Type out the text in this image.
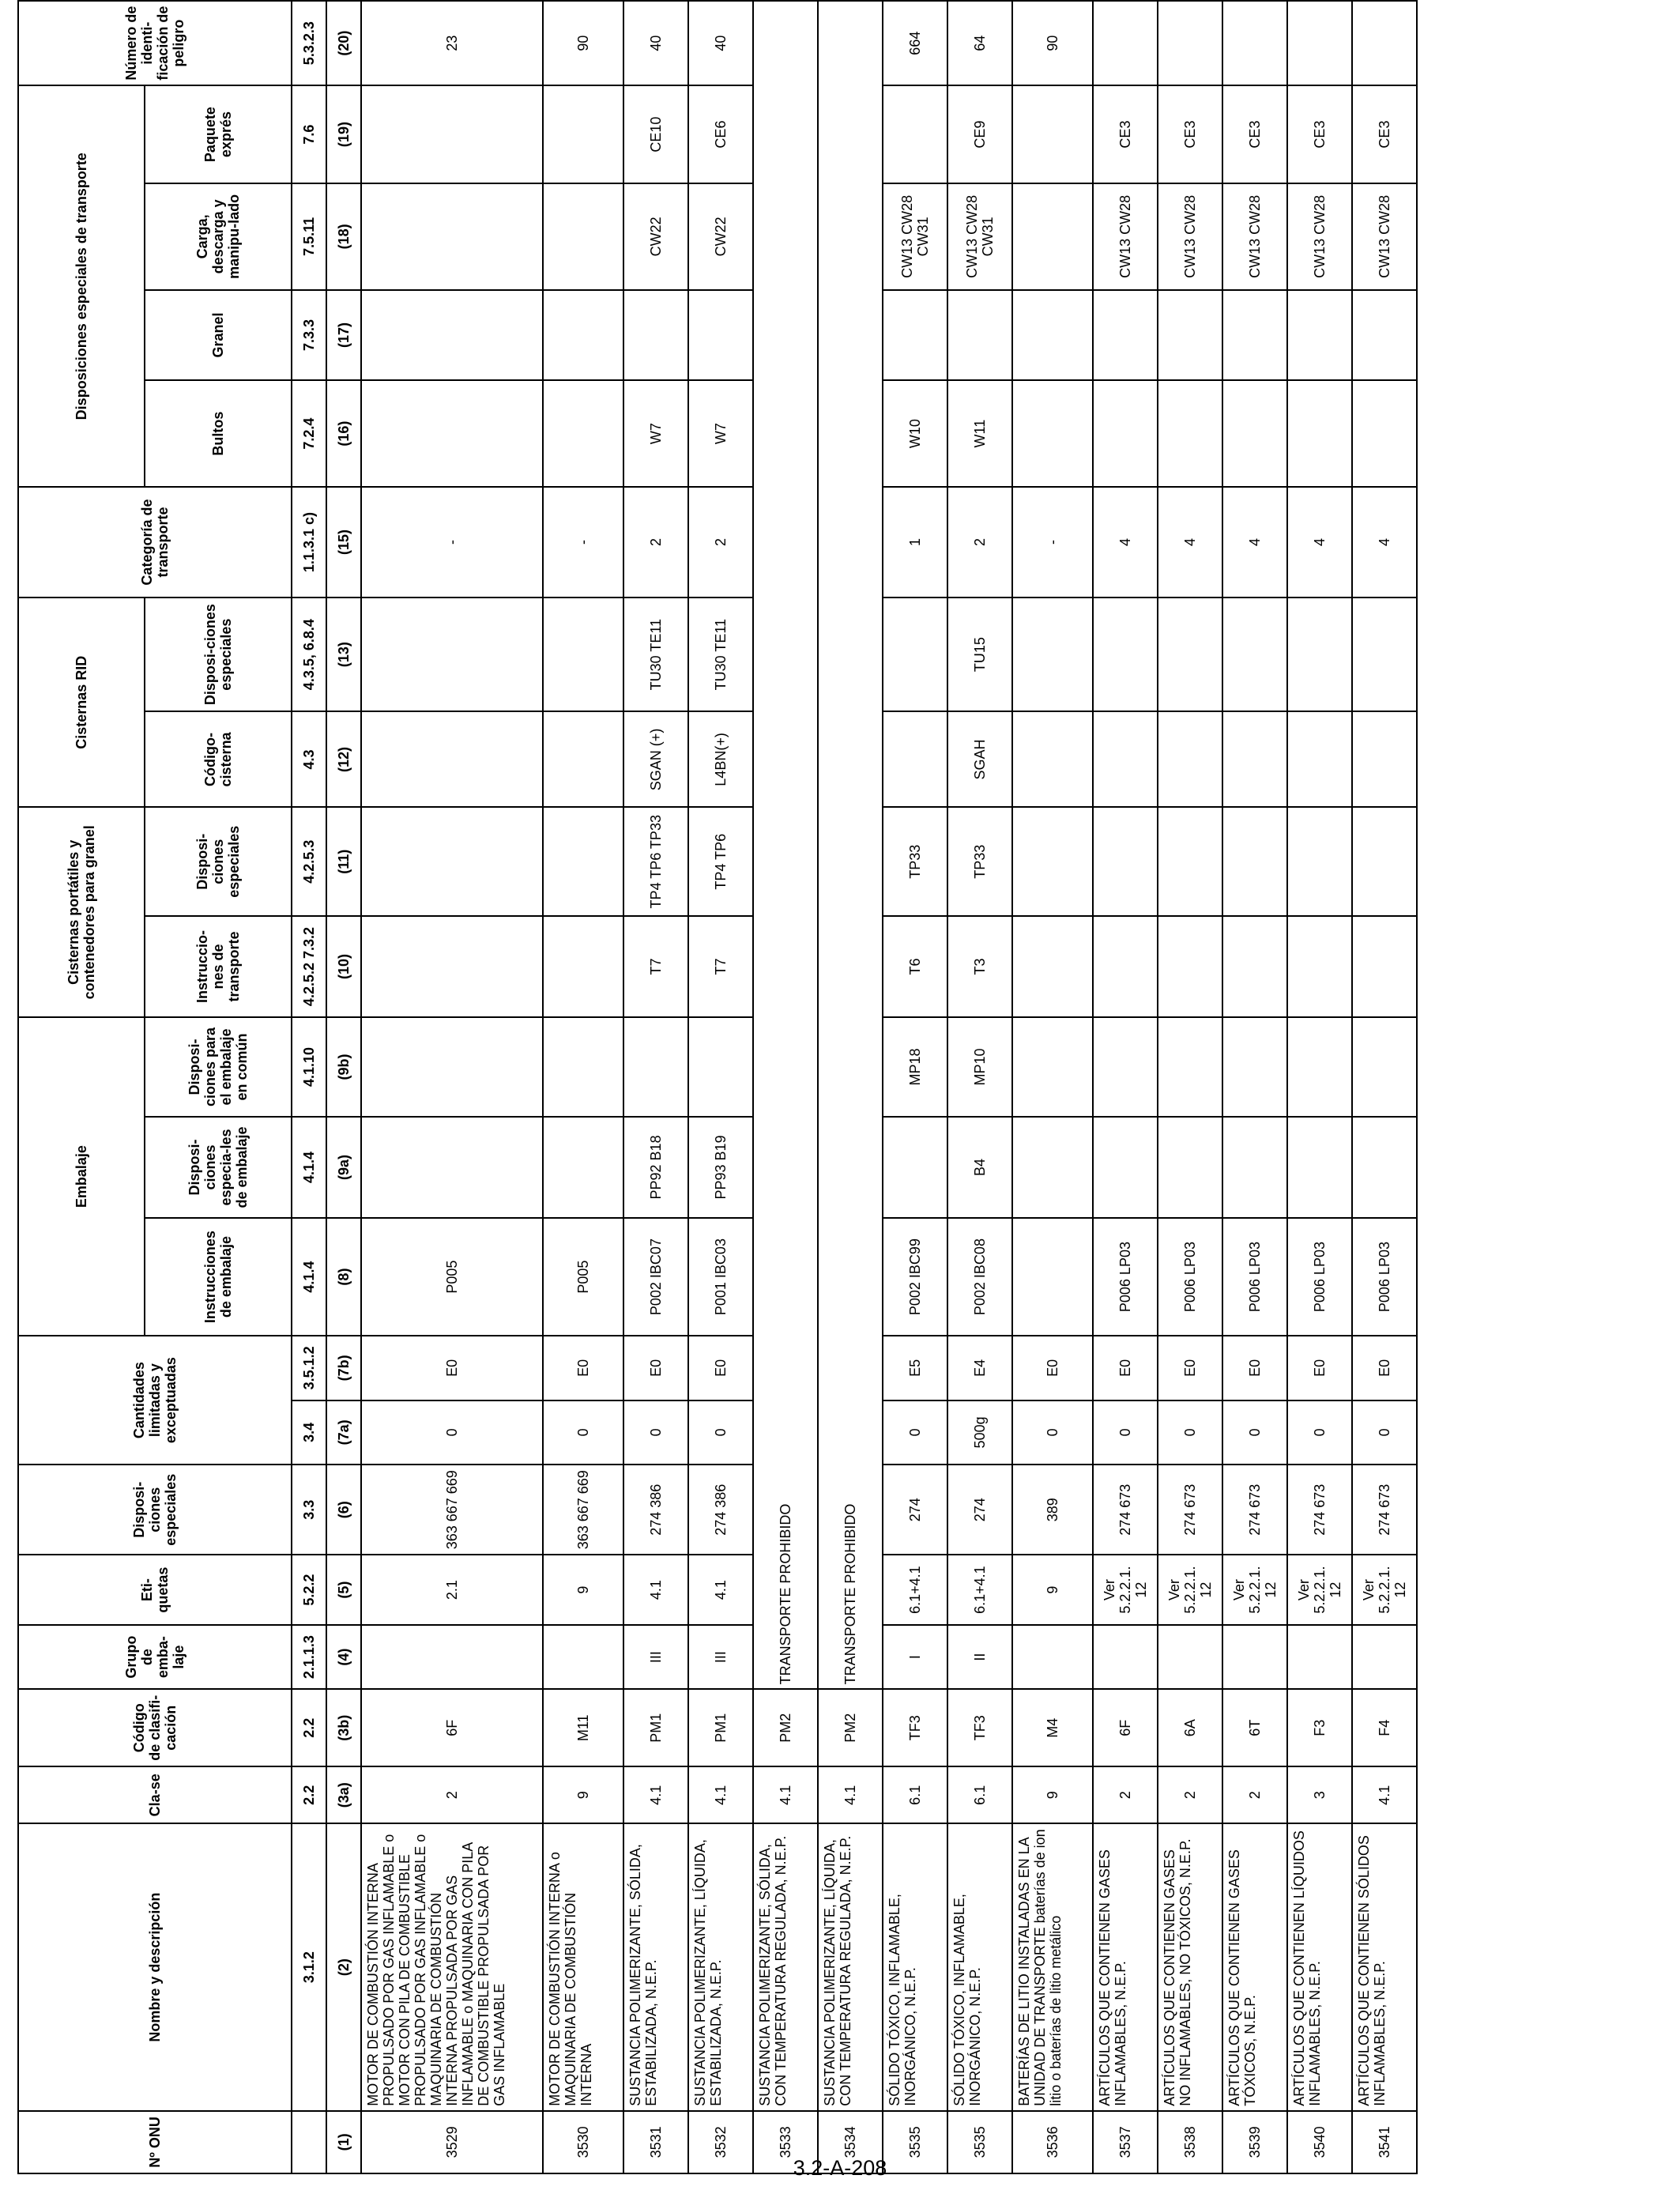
Nº ONU	Nombre y descripción	Cla-se	Código de clasifi-cación	Grupo de emba-laje	Eti-quetas	Disposi-ciones especiales	Cantidades limitadas y exceptuadas		Embalaje			Cisternas portátiles y contenedores para granel		Cisternas RID		Categoría de transporte	Disposiciones especiales de transporte				Número de identi-ficación de peligro
									Instrucciones de embalaje	Disposi-ciones especia-les de embalaje	Disposi-ciones para el embalaje en común	Instruccio-nes de transporte	Disposi-ciones especiales	Código-cisterna	Disposi-ciones especiales		Bultos	Granel	Carga, descarga y manipu-lado	Paquete exprés	
	3.1.2	2.2	2.2	2.1.1.3	5.2.2	3.3	3.4	3.5.1.2	4.1.4	4.1.4	4.1.10	4.2.5.2 7.3.2	4.2.5.3	4.3	4.3.5, 6.8.4	1.1.3.1 c)	7.2.4	7.3.3	7.5.11	7.6	5.3.2.3
(1)	(2)	(3a)	(3b)	(4)	(5)	(6)	(7a)	(7b)	(8)	(9a)	(9b)	(10)	(11)	(12)	(13)	(15)	(16)	(17)	(18)	(19)	(20)
3529	MOTOR DE COMBUSTIÓN INTERNA PROPULSADO POR GAS INFLAMABLE o MOTOR CON PILA DE COMBUSTIBLE PROPULSADO POR GAS INFLAMABLE o MAQUINARIA DE COMBUSTIÓN INTERNA PROPULSADA POR GAS INFLAMABLE o MAQUINARIA CON PILA DE COMBUSTIBLE PROPULSADA POR GAS INFLAMABLE	2	6F		2.1	363 667 669	0	E0	P005							-					23
3530	MOTOR DE COMBUSTIÓN INTERNA o MAQUINARIA DE COMBUSTIÓN INTERNA	9	M11		9	363 667 669	0	E0	P005							-					90
3531	SUSTANCIA POLIMERIZANTE, SÓLIDA, ESTABILIZADA, N.E.P.	4.1	PM1	III	4.1	274 386	0	E0	P002 IBC07	PP92 B18		T7	TP4 TP6 TP33	SGAN (+)	TU30 TE11	2	W7		CW22	CE10	40
3532	SUSTANCIA POLIMERIZANTE, LÍQUIDA, ESTABILIZADA, N.E.P.	4.1	PM1	III	4.1	274 386	0	E0	P001 IBC03	PP93 B19		T7	TP4 TP6	L4BN(+)	TU30 TE11	2	W7		CW22	CE6	40
3533	SUSTANCIA POLIMERIZANTE, SÓLIDA, CON TEMPERATURA REGULADA, N.E.P.	4.1	PM2	TRANSPORTE PROHIBIDO																	
3534	SUSTANCIA POLIMERIZANTE, LÍQUIDA, CON TEMPERATURA REGULADA, N.E.P.	4.1	PM2	TRANSPORTE PROHIBIDO																	
3535	SÓLIDO TÓXICO, INFLAMABLE, INORGÁNICO, N.E.P.	6.1	TF3	I	6.1+4.1	274	0	E5	P002 IBC99		MP18	T6	TP33			1	W10		CW13 CW28 CW31		664
3535	SÓLIDO TÓXICO, INFLAMABLE, INORGÁNICO, N.E.P.	6.1	TF3	II	6.1+4.1	274	500g	E4	P002 IBC08	B4	MP10	T3	TP33	SGAH	TU15	2	W11		CW13 CW28 CW31	CE9	64
3536	BATERÍAS DE LITIO INSTALADAS EN LA UNIDAD DE TRANSPORTE baterías de ion litio o baterías de litio metálico	9	M4		9	389	0	E0								-					90
3537	ARTÍCULOS QUE CONTIENEN GASES INFLAMABLES, N.E.P.	2	6F		Ver 5.2.2.1. 12	274 673	0	E0	P006 LP03							4			CW13 CW28	CE3	
3538	ARTÍCULOS QUE CONTIENEN GASES NO INFLAMABLES, NO TÓXICOS, N.E.P.	2	6A		Ver 5.2.2.1. 12	274 673	0	E0	P006 LP03							4			CW13 CW28	CE3	
3539	ARTÍCULOS QUE CONTIENEN GASES TÓXICOS, N.E.P.	2	6T		Ver 5.2.2.1. 12	274 673	0	E0	P006 LP03							4			CW13 CW28	CE3	
3540	ARTÍCULOS QUE CONTIENEN LÍQUIDOS INFLAMABLES, N.E.P.	3	F3		Ver 5.2.2.1. 12	274 673	0	E0	P006 LP03							4			CW13 CW28	CE3	
3541	ARTÍCULOS QUE CONTIENEN SÓLIDOS INFLAMABLES, N.E.P.	4.1	F4		Ver 5.2.2.1. 12	274 673	0	E0	P006 LP03							4			CW13 CW28	CE3	
3.2-A-208
